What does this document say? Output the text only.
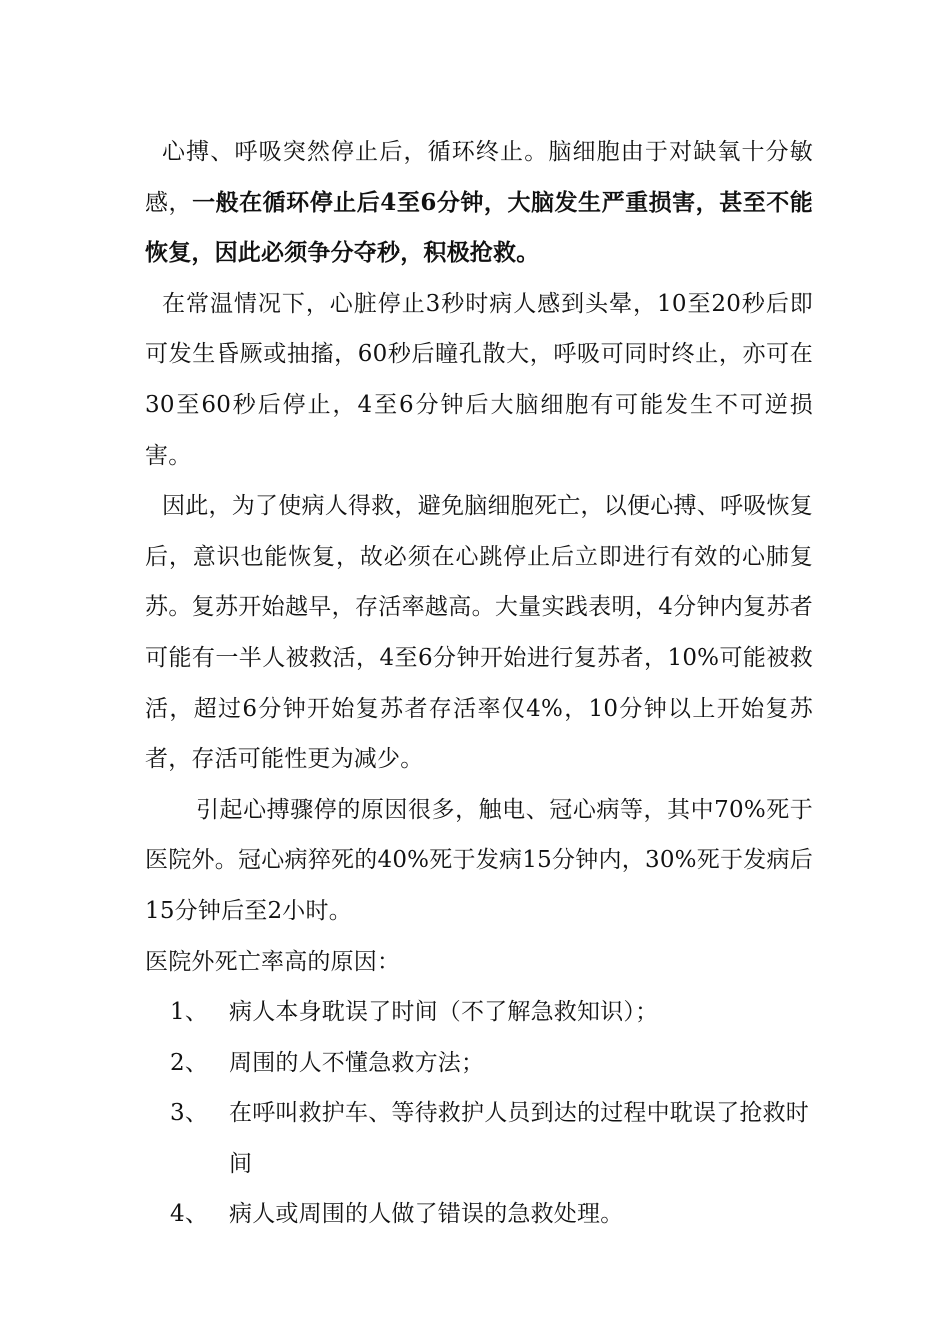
心搏、呼吸突然停止后，循环终止。脑细胞由于对缺氧十分敏感，一般在循环停止后4至6分钟，大脑发生严重损害，甚至不能恢复，因此必须争分夺秒，积极抢救。

在常温情况下，心脏停止3秒时病人感到头晕，10至20秒后即可发生昏厥或抽搐，60秒后瞳孔散大，呼吸可同时终止，亦可在30至60秒后停止，4至6分钟后大脑细胞有可能发生不可逆损害。

因此，为了使病人得救，避免脑细胞死亡，以便心搏、呼吸恢复后，意识也能恢复，故必须在心跳停止后立即进行有效的心肺复苏。复苏开始越早，存活率越高。大量实践表明，4分钟内复苏者可能有一半人被救活，4至6分钟开始进行复苏者，10%可能被救活，超过6分钟开始复苏者存活率仅4%，10分钟以上开始复苏者，存活可能性更为减少。

引起心搏骤停的原因很多，触电、冠心病等，其中70%死于医院外。冠心病猝死的40%死于发病15分钟内，30%死于发病后15分钟后至2小时。

医院外死亡率高的原因：

1、 病人本身耽误了时间（不了解急救知识）；
2、 周围的人不懂急救方法；
3、 在呼叫救护车、等待救护人员到达的过程中耽误了抢救时间
4、 病人或周围的人做了错误的急救处理。
